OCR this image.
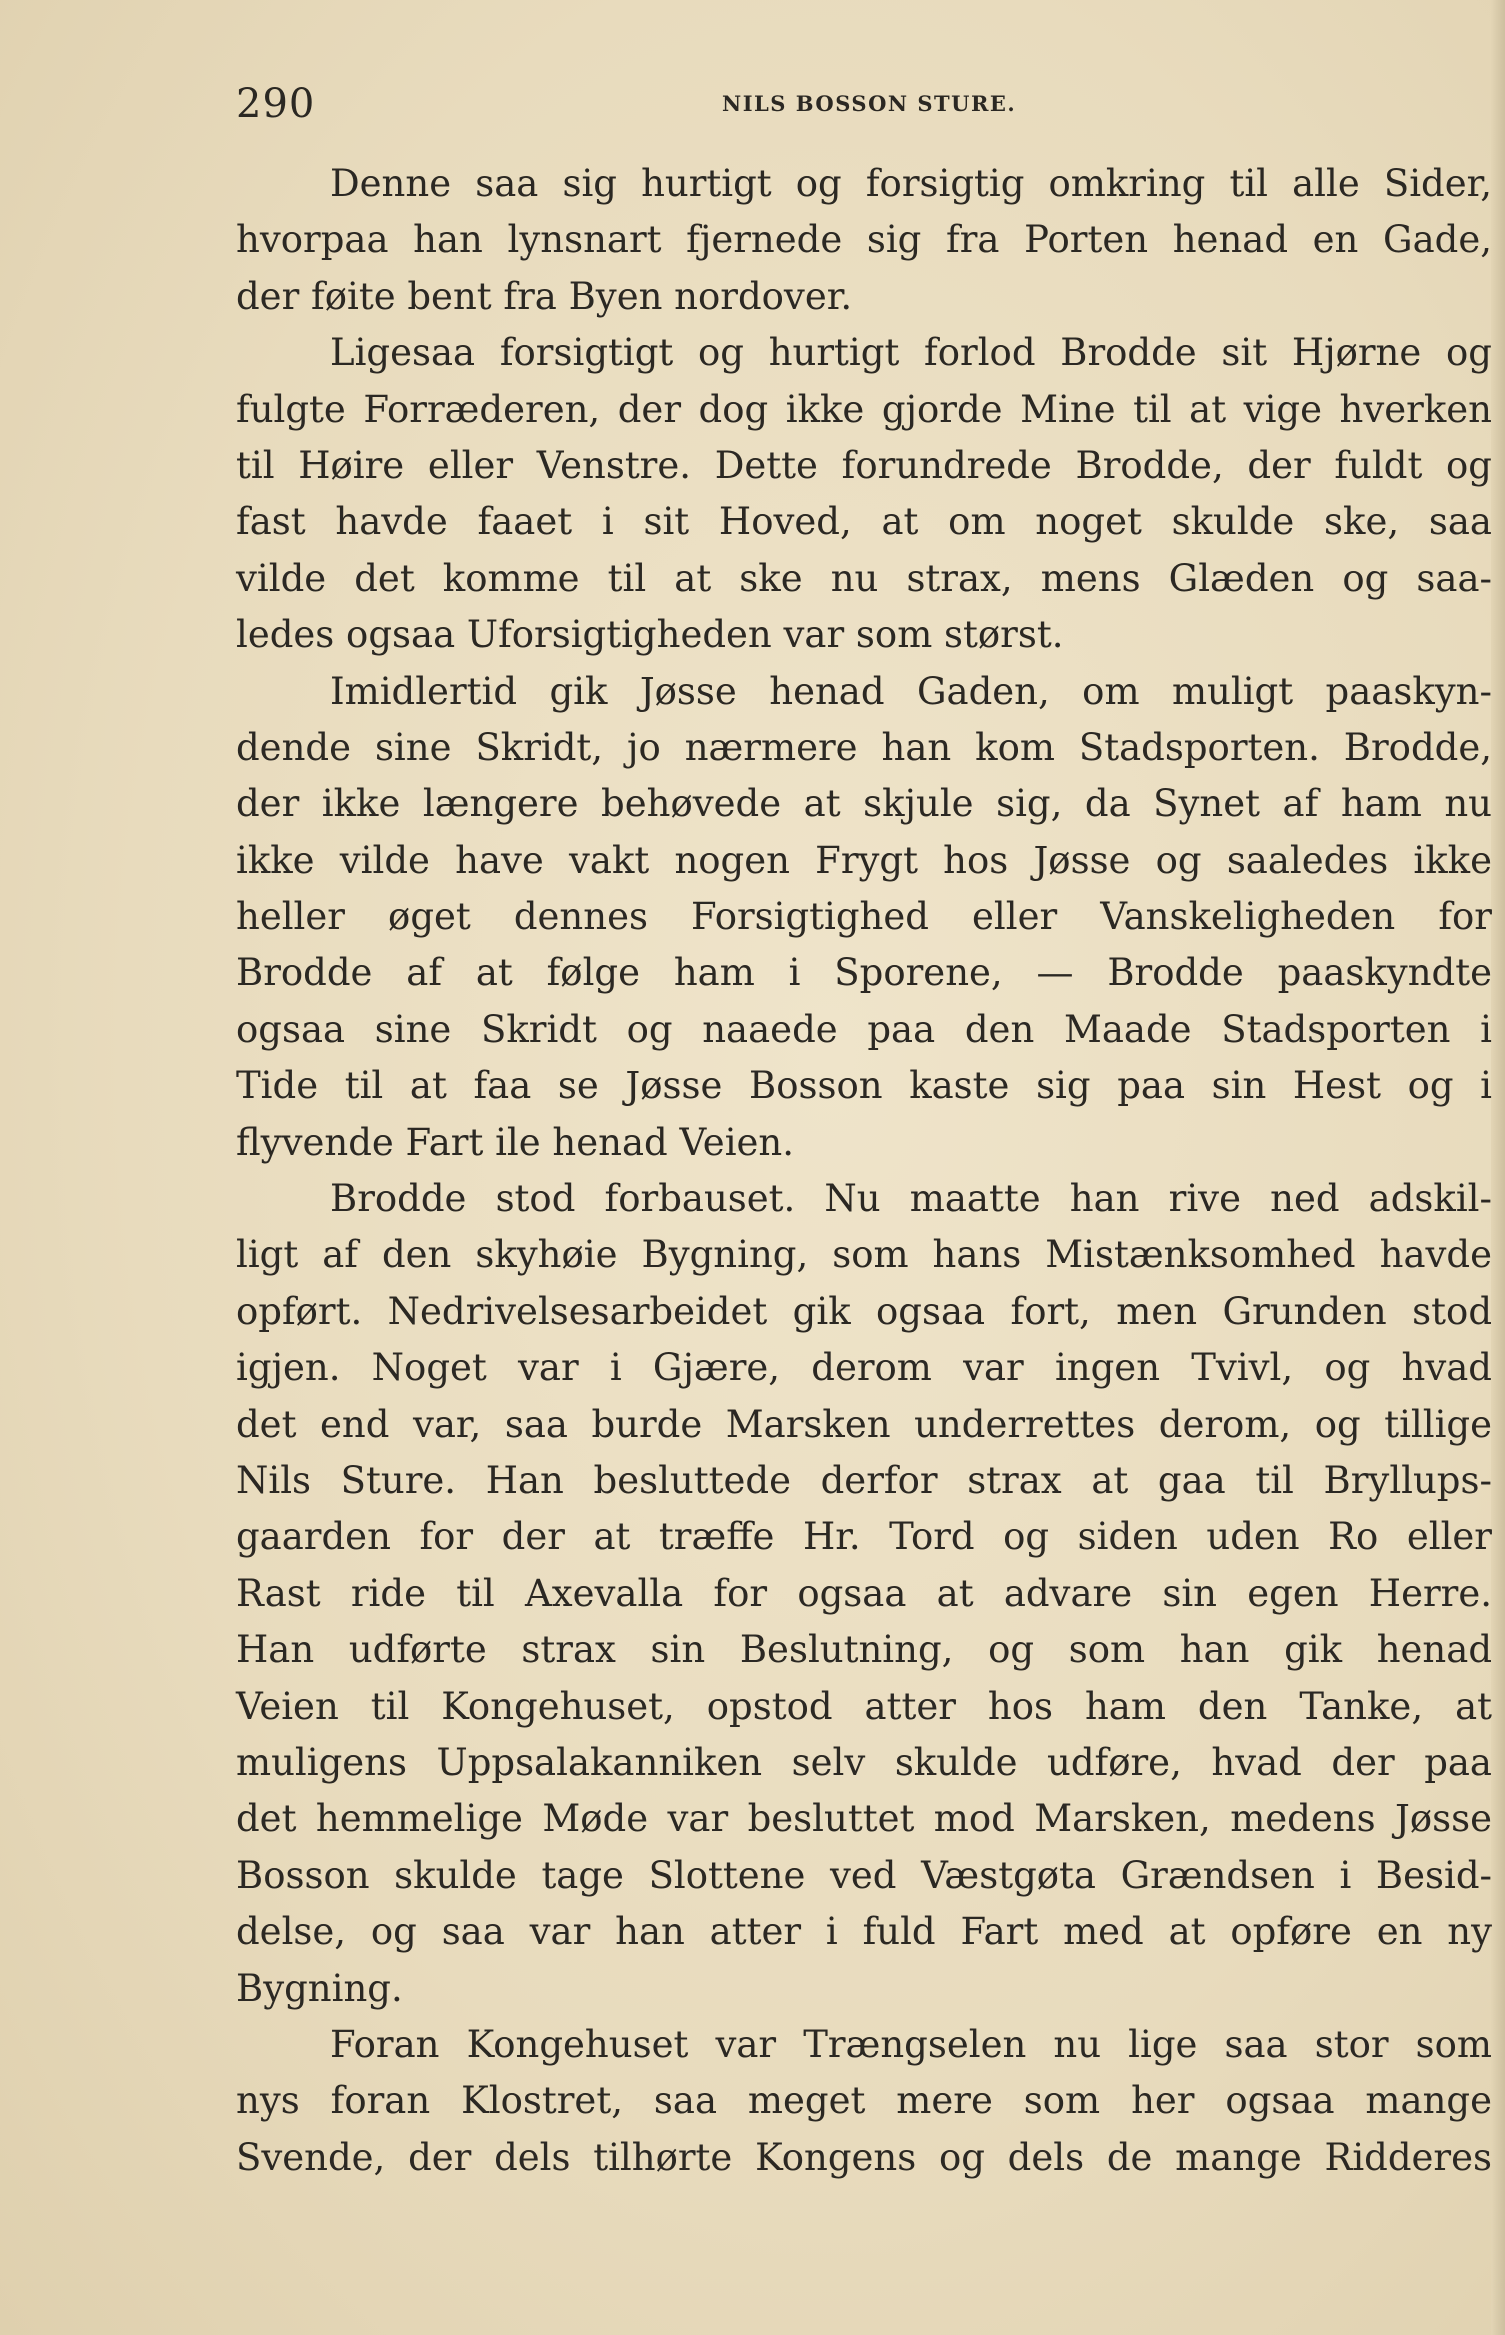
290	NILS BOSSON STURE.
Denne saa sig hurtigt og forsigtig omkring til alle Sider,
hvorpaa han lynsnart fjernede sig fra Porten henad en Gade,
der føite bent fra Byen nordover.
Ligesaa forsigtigt og hurtigt forlod Brodde sit Hjørne og
fulgte Forræderen, der dog ikke gjorde Mine til at vige hverken
til Høire eller Venstre. Dette forundrede Brodde, der fuldt og
fast havde faaet i sit Hoved, at om noget skulde ske, saa
vilde det komme til at ske nu strax, mens Glæden og saa-
ledes ogsaa Uforsigtigheden var som størst.
Imidlertid gik Jøsse henad Gaden, om muligt paaskyn-
dende sine Skridt, jo nærmere han kom Stadsporten. Brodde,
der ikke længere behøvede at skjule sig, da Synet af ham nu
ikke vilde have vakt nogen Frygt hos Jøsse og saaledes ikke
heller øget dennes Forsigtighed eller Vanskeligheden for
Brodde af at følge ham i Sporene, — Brodde paaskyndte
ogsaa sine Skridt og naaede paa den Maade Stadsporten i
Tide til at faa se Jøsse Bosson kaste sig paa sin Hest og i
flyvende Fart ile henad Veien.
Brodde stod forbauset. Nu maatte han rive ned adskil-
ligt af den skyhøie Bygning, som hans Mistænksomhed havde
opført. Nedrivelsesarbeidet gik ogsaa fort, men Grunden stod
igjen. Noget var i Gjære, derom var ingen Tvivl, og hvad
det end var, saa burde Marsken underrettes derom, og tillige
Nils Sture. Han besluttede derfor strax at gaa til Bryllups-
gaarden for der at træffe Hr. Tord og siden uden Ro eller
Rast ride til Axevalla for ogsaa at advare sin egen Herre.
Han udførte strax sin Beslutning, og som han gik henad
Veien til Kongehuset, opstod atter hos ham den Tanke, at
muligens Uppsalakanniken selv skulde udføre, hvad der paa
det hemmelige Møde var besluttet mod Marsken, medens Jøsse
Bosson skulde tage Slottene ved Væstgøta Grændsen i Besid-
delse, og saa var han atter i fuld Fart med at opføre en ny
Bygning.
Foran Kongehuset var Trængselen nu lige saa stor som
nys foran Klostret, saa meget mere som her ogsaa mange
Svende, der dels tilhørte Kongens og dels de mange Ridderes
